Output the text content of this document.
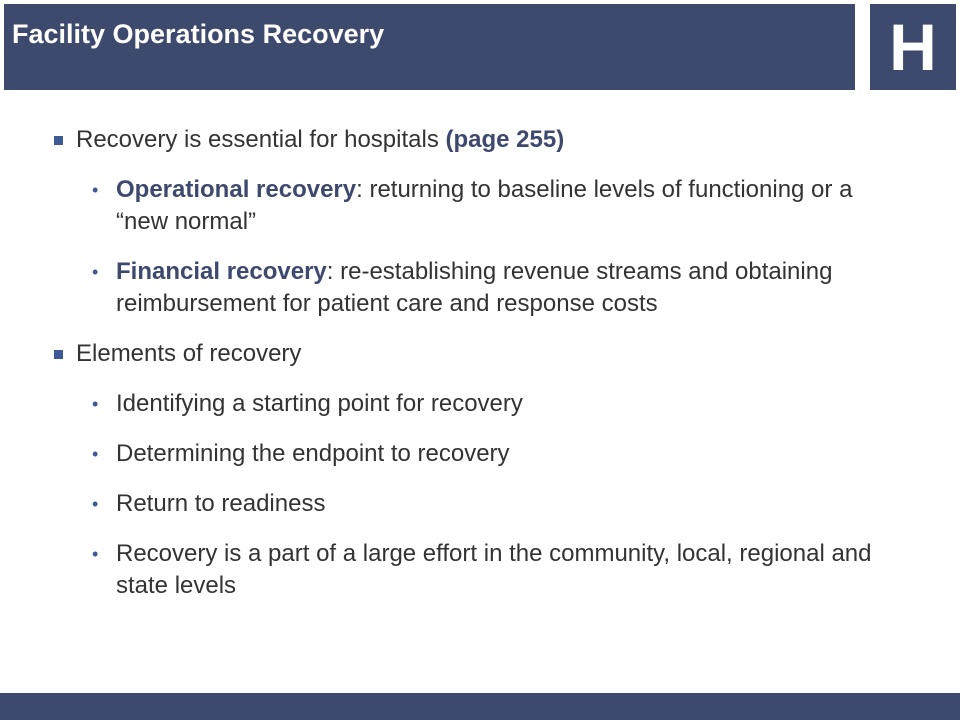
Facility Operations Recovery	H
Recovery is essential for hospitals (page 255)
• Operational recovery: returning to baseline levels of functioning or a “new normal”
• Financial recovery: re-establishing revenue streams and obtaining reimbursement for patient care and response costs
Elements of recovery
• Identifying a starting point for recovery
• Determining the endpoint to recovery
• Return to readiness
• Recovery is a part of a large effort in the community, local, regional and state levels
